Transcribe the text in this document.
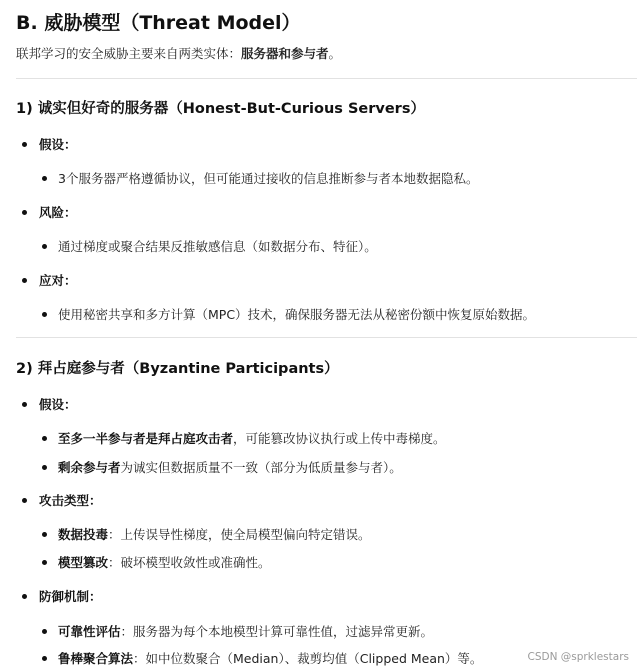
B. 威胁模型（Threat Model）
联邦学习的安全威胁主要来自两类实体：服务器和参与者。
1) 诚实但好奇的服务器（Honest-But-Curious Servers）
假设：
3个服务器严格遵循协议，但可能通过接收的信息推断参与者本地数据隐私。
风险：
通过梯度或聚合结果反推敏感信息（如数据分布、特征）。
应对：
使用秘密共享和多方计算（MPC）技术，确保服务器无法从秘密份额中恢复原始数据。
2) 拜占庭参与者（Byzantine Participants）
假设：
至多一半参与者是拜占庭攻击者，可能篡改协议执行或上传中毒梯度。
剩余参与者为诚实但数据质量不一致（部分为低质量参与者）。
攻击类型：
数据投毒：上传误导性梯度，使全局模型偏向特定错误。
模型篡改：破坏模型收敛性或准确性。
防御机制：
可靠性评估：服务器为每个本地模型计算可靠性值，过滤异常更新。
鲁棒聚合算法：如中位数聚合（Median）、裁剪均值（Clipped Mean）等。	CSDN @sprklestars
